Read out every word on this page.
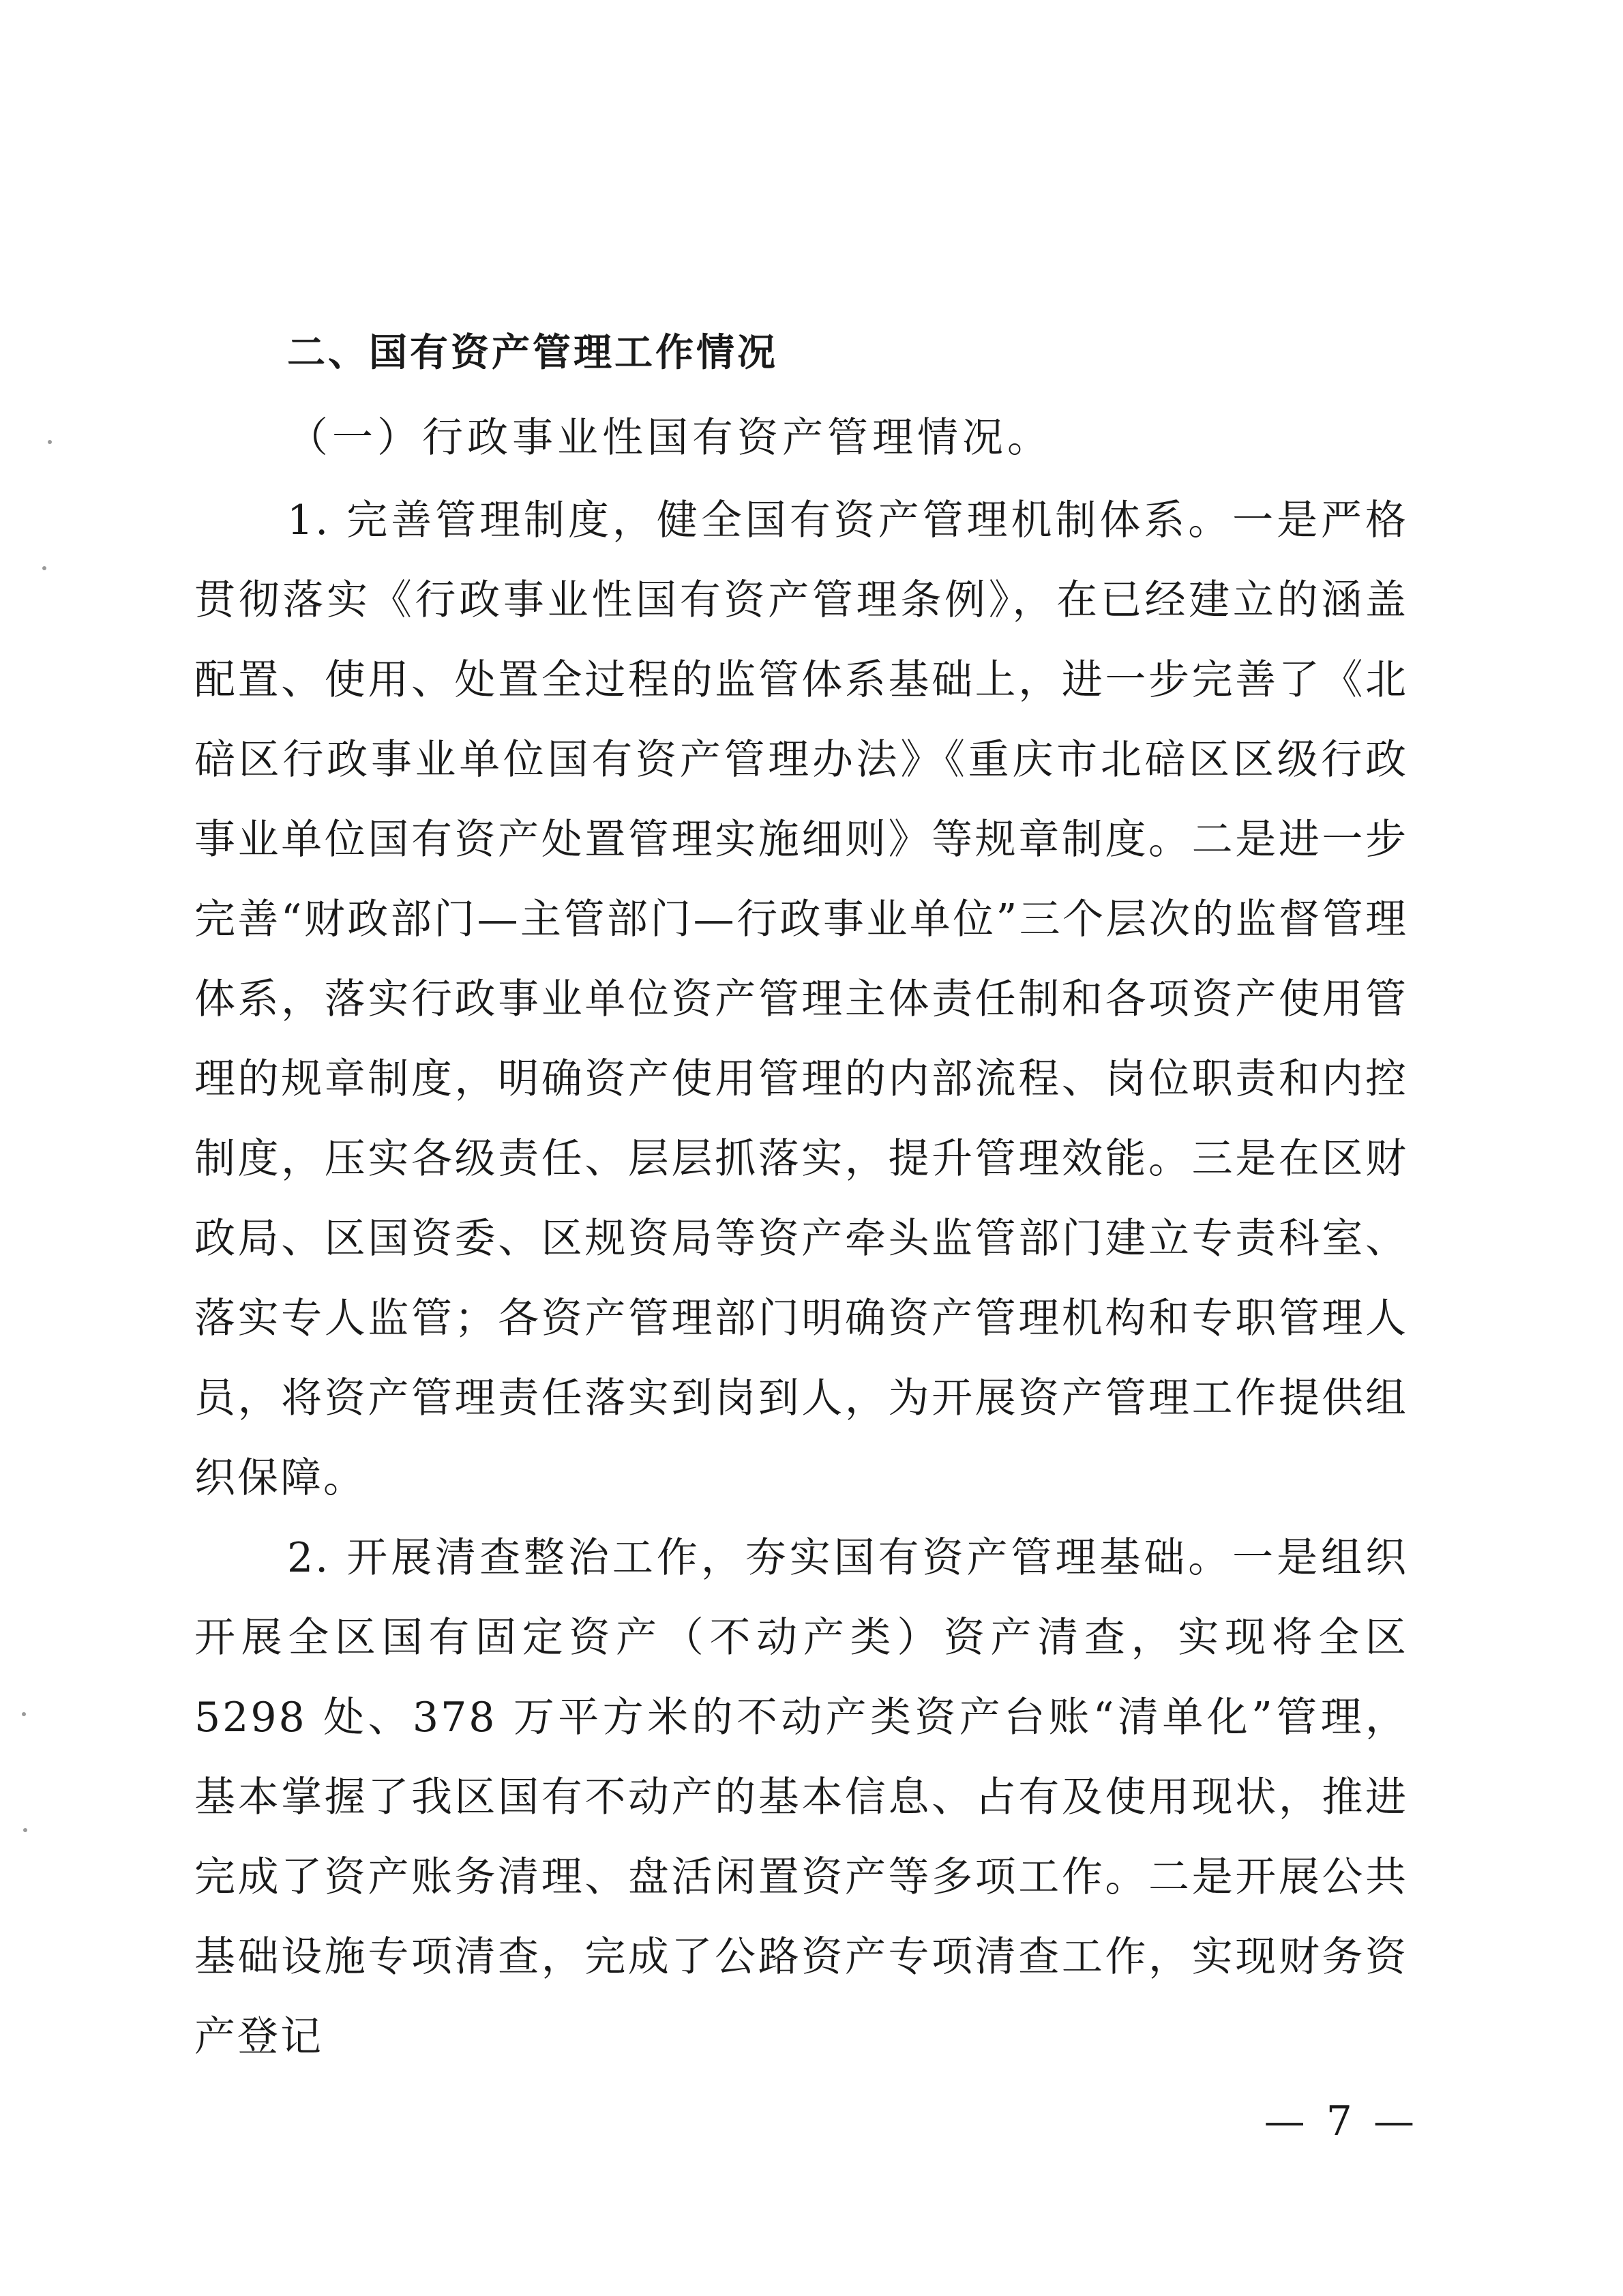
二、国有资产管理工作情况

（一）行政事业性国有资产管理情况。

1. 完善管理制度，健全国有资产管理机制体系。一是严格贯彻落实《行政事业性国有资产管理条例》，在已经建立的涵盖配置、使用、处置全过程的监管体系基础上，进一步完善了《北碚区行政事业单位国有资产管理办法》《重庆市北碚区区级行政事业单位国有资产处置管理实施细则》等规章制度。二是进一步完善“财政部门—主管部门—行政事业单位”三个层次的监督管理体系，落实行政事业单位资产管理主体责任制和各项资产使用管理的规章制度，明确资产使用管理的内部流程、岗位职责和内控制度，压实各级责任、层层抓落实，提升管理效能。三是在区财政局、区国资委、区规资局等资产牵头监管部门建立专责科室、落实专人监管；各资产管理部门明确资产管理机构和专职管理人员，将资产管理责任落实到岗到人，为开展资产管理工作提供组织保障。

2. 开展清查整治工作，夯实国有资产管理基础。一是组织开展全区国有固定资产（不动产类）资产清查，实现将全区 5298 处、378 万平方米的不动产类资产台账“清单化”管理，基本掌握了我区国有不动产的基本信息、占有及使用现状，推进完成了资产账务清理、盘活闲置资产等多项工作。二是开展公共基础设施专项清查，完成了公路资产专项清查工作，实现财务资产登记

— 7 —
